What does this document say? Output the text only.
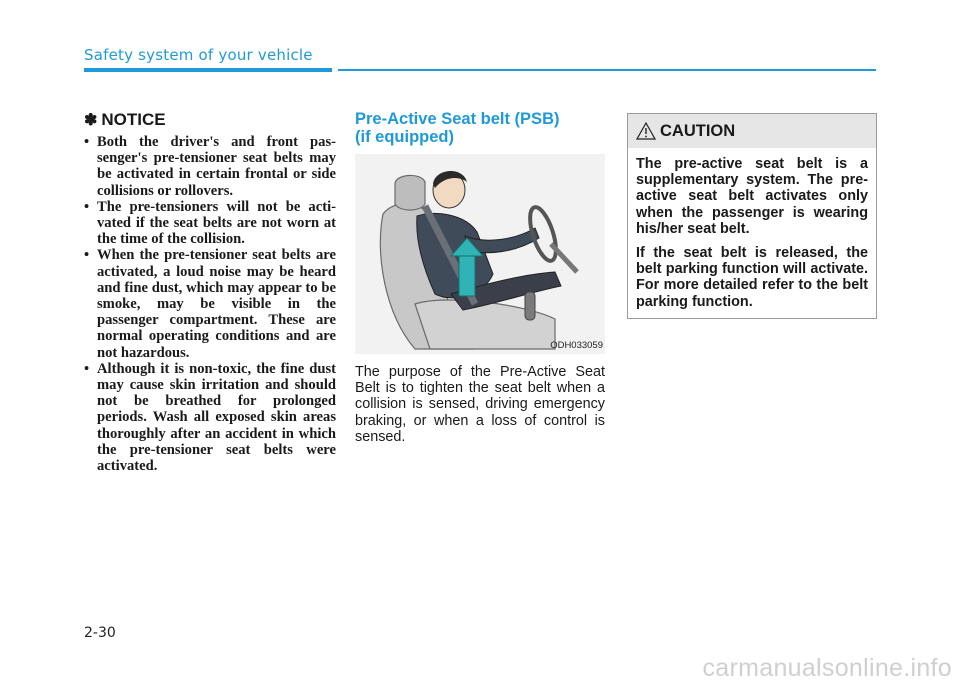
Safety system of your vehicle
✽ NOTICE
• Both the driver's and front passenger's pre-tensioner seat belts may be activated in certain frontal or side collisions or rollovers.
• The pre-tensioners will not be activated if the seat belts are not worn at the time of the collision.
• When the pre-tensioner seat belts are activated, a loud noise may be heard and fine dust, which may appear to be smoke, may be visible in the passenger compartment. These are normal operating conditions and are not hazardous.
• Although it is non-toxic, the fine dust may cause skin irritation and should not be breathed for prolonged periods. Wash all exposed skin areas thoroughly after an accident in which the pre-tensioner seat belts were activated.
Pre-Active Seat belt (PSB)
(if equipped)
ODH033059

The purpose of the Pre-Active Seat Belt is to tighten the seat belt when a collision is sensed, driving emergency braking, or when a loss of control is sensed.

CAUTION

The pre-active seat belt is a supplementary system. The preactive seat belt activates only when the passenger is wearing his/her seat belt.

If the seat belt is released, the belt parking function will activate. For more detailed refer to the belt parking function.

2-30
carmanualsonline.info
